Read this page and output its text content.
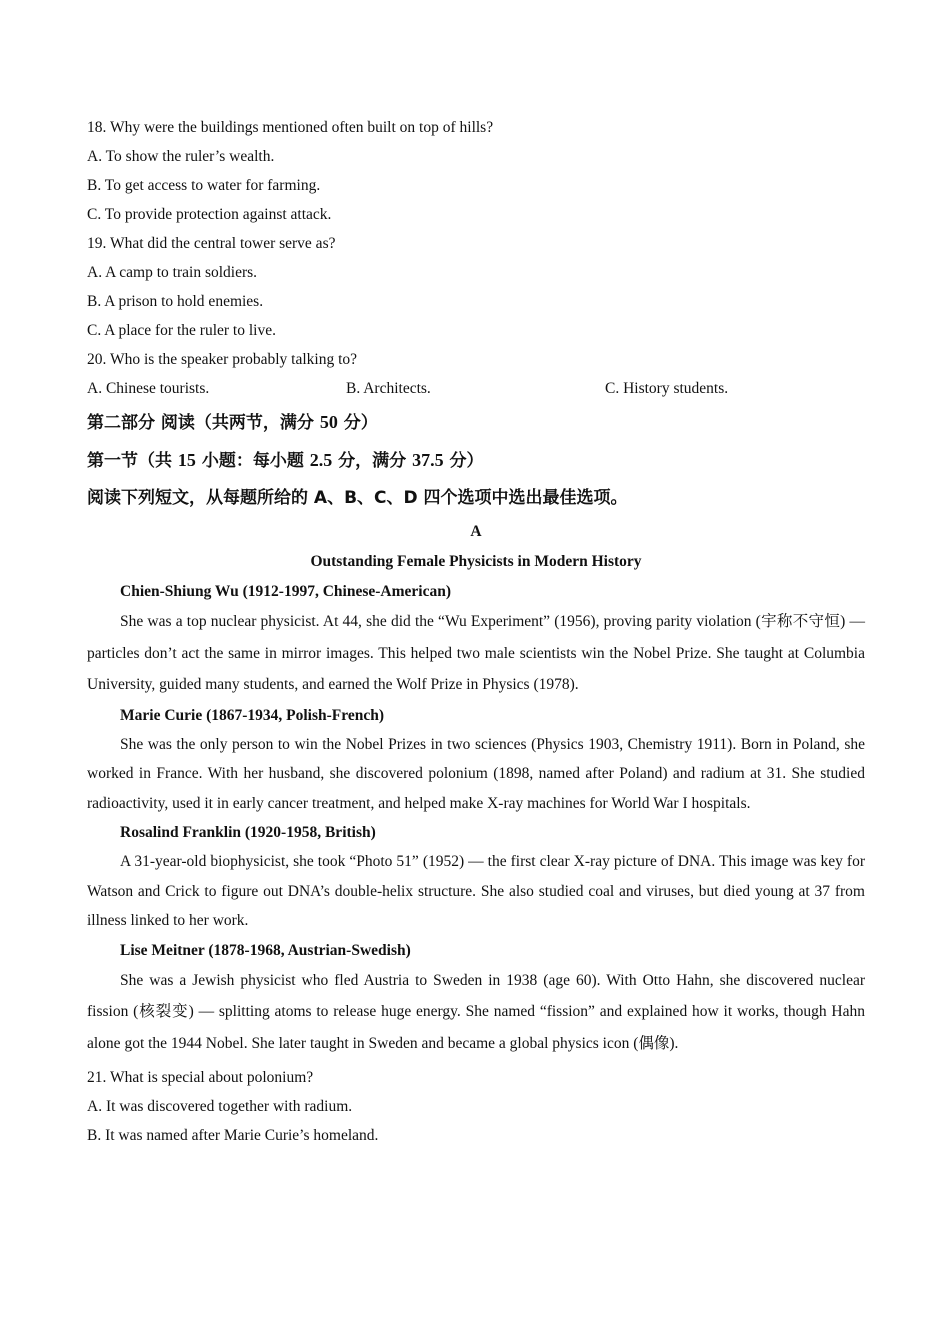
18. Why were the buildings mentioned often built on top of hills?
A. To show the ruler’s wealth.
B. To get access to water for farming.
C. To provide protection against attack.
19. What did the central tower serve as?
A. A camp to train soldiers.
B. A prison to hold enemies.
C. A place for the ruler to live.
20. Who is the speaker probably talking to?
A. Chinese tourists.	B. Architects.	C. History students.
第二部分 阅读（共两节，满分 50 分）
第一节（共 15 小题：每小题 2.5 分，满分 37.5 分）
阅读下列短文，从每题所给的 A、B、C、D 四个选项中选出最佳选项。
A
Outstanding Female Physicists in Modern History
Chien-Shiung Wu (1912-1997, Chinese-American)

She was a top nuclear physicist. At 44, she did the “Wu Experiment” (1956), proving parity violation (宇称不守恒) — particles don’t act the same in mirror images. This helped two male scientists win the Nobel Prize. She taught at Columbia University, guided many students, and earned the Wolf Prize in Physics (1978).

Marie Curie (1867-1934, Polish-French)

She was the only person to win the Nobel Prizes in two sciences (Physics 1903, Chemistry 1911). Born in Poland, she worked in France. With her husband, she discovered polonium (1898, named after Poland) and radium at 31. She studied radioactivity, used it in early cancer treatment, and helped make X-ray machines for World War I hospitals.

Rosalind Franklin (1920-1958, British)

A 31-year-old biophysicist, she took “Photo 51” (1952) — the first clear X-ray picture of DNA. This image was key for Watson and Crick to figure out DNA’s double-helix structure. She also studied coal and viruses, but died young at 37 from illness linked to her work.

Lise Meitner (1878-1968, Austrian-Swedish)

She was a Jewish physicist who fled Austria to Sweden in 1938 (age 60). With Otto Hahn, she discovered nuclear fission (核裂变) — splitting atoms to release huge energy. She named “fission” and explained how it works, though Hahn alone got the 1944 Nobel. She later taught in Sweden and became a global physics icon (偶像).

21. What is special about polonium?
A. It was discovered together with radium.
B. It was named after Marie Curie’s homeland.
